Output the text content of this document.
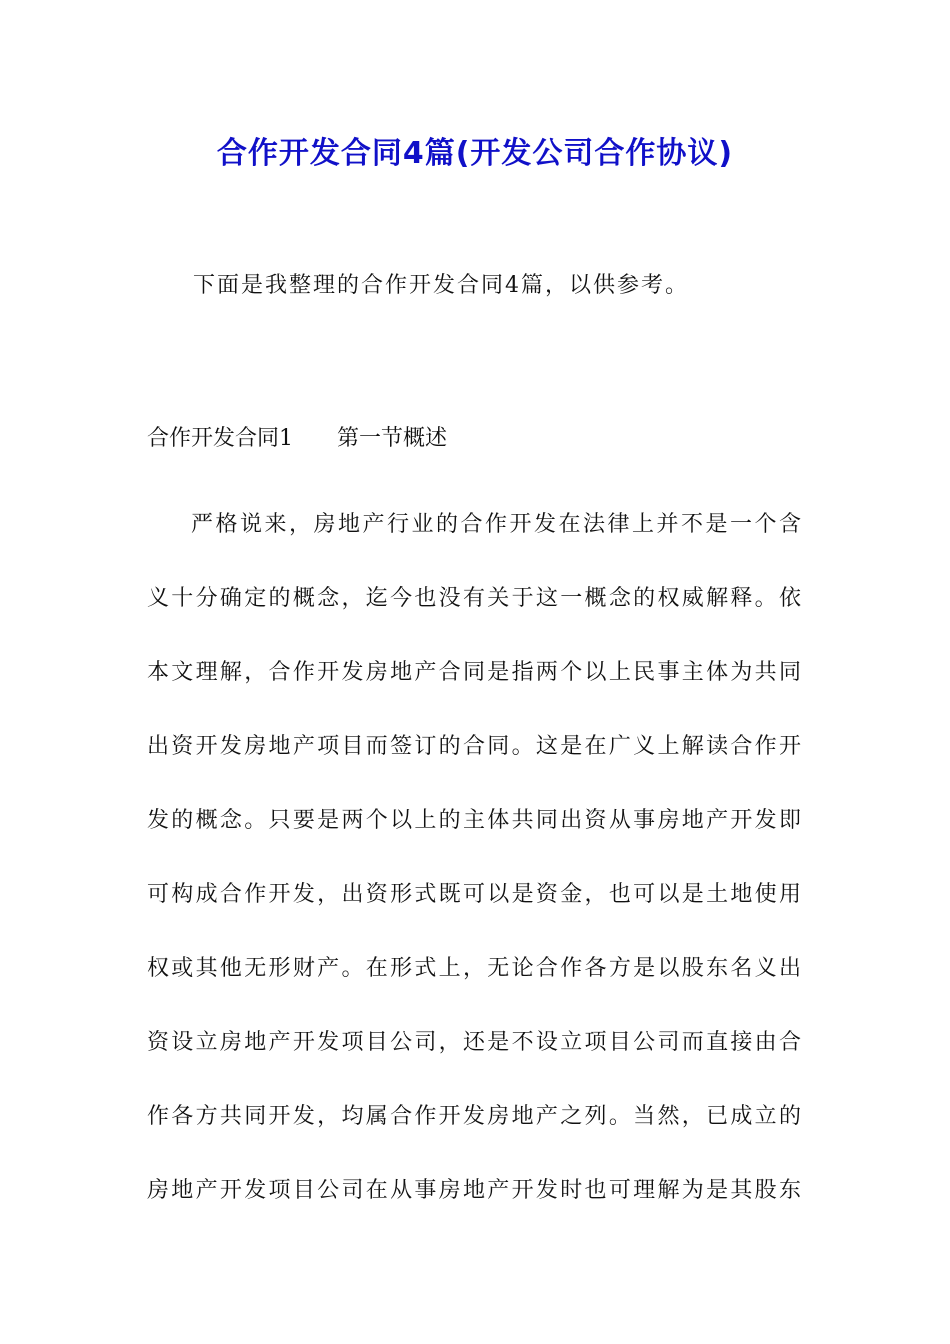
合作开发合同4篇(开发公司合作协议)
下面是我整理的合作开发合同4篇，以供参考。
合作开发合同1 第一节概述

严格说来，房地产行业的合作开发在法律上并不是一个含义十分确定的概念，迄今也没有关于这一概念的权威解释。依本文理解，合作开发房地产合同是指两个以上民事主体为共同出资开发房地产项目而签订的合同。这是在广义上解读合作开发的概念。只要是两个以上的主体共同出资从事房地产开发即可构成合作开发，出资形式既可以是资金，也可以是土地使用权或其他无形财产。在形式上，无论合作各方是以股东名义出资设立房地产开发项目公司，还是不设立项目公司而直接由合作各方共同开发，均属合作开发房地产之列。当然，已成立的房地产开发项目公司在从事房地产开发时也可理解为是其股东
